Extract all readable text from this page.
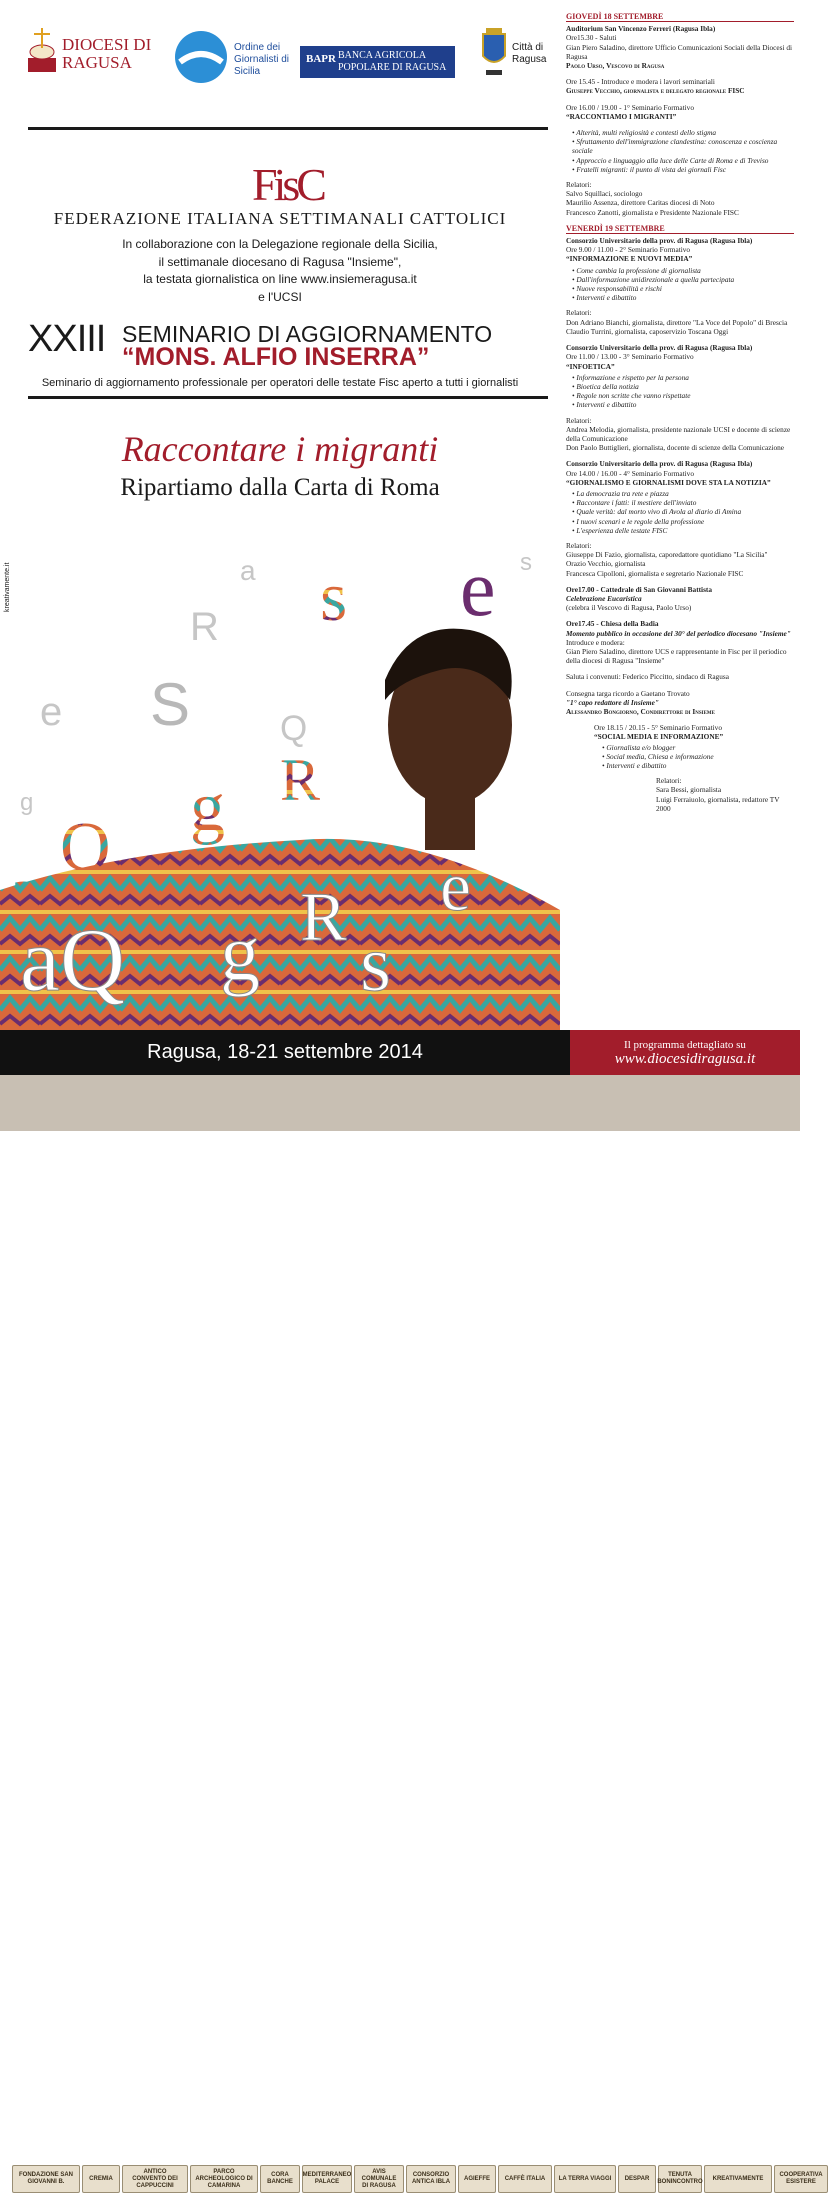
DIOCESI DI RAGUSA
Ordine dei Giornalisti di Sicilia
BAPR BANCA AGRICOLA POPOLARE DI RAGUSA
Città di Ragusa
FisC
FEDERAZIONE ITALIANA SETTIMANALI CATTOLICI
In collaborazione con la Delegazione regionale della Sicilia,
il settimanale diocesano di Ragusa "Insieme",
la testata giornalistica on line www.insiemeragusa.it
e l'UCSI
XXIII SEMINARIO DI AGGIORNAMENTO
“MONS. ALFIO INSERRA”
Seminario di aggiornamento professionale per operatori delle testate Fisc aperto a tutti i giornalisti
Raccontare i migranti
Ripartiamo dalla Carta di Roma
kreativamente.it	s e
S
e
g R
Q
a
aQ g R
s
e
a
R
Q
g
s
GIOVEDÌ 18 SETTEMBRE

Auditorium San Vincenzo Ferreri (Ragusa Ibla)
Ore15.30 - Saluti
Gian Piero Saladino, direttore Ufficio Comunicazioni Sociali della Diocesi di Ragusa
Paolo Urso, Vescovo di Ragusa

Ore 15.45 - Introduce e modera i lavori seminariali
Giuseppe Vecchio, giornalista e delegato regionale FISC

Ore 16.00 / 19.00 - 1° Seminario Formativo
“RACCONTIAMO I MIGRANTI”

• Alterità, multi religiosità e contesti dello stigma
• Sfruttamento dell'immigrazione clandestina: conoscenza e coscienza sociale
• Approccio e linguaggio alla luce delle Carte di Roma e di Treviso
• Fratelli migranti: il punto di vista dei giornali Fisc

Relatori:
Salvo Squillaci, sociologo
Maurilio Assenza, direttore Caritas diocesi di Noto
Francesco Zanotti, giornalista e Presidente Nazionale FISC

VENERDÌ 19 SETTEMBRE

Consorzio Universitario della prov. di Ragusa (Ragusa Ibla)
Ore 9.00 / 11.00 - 2° Seminario Formativo
“INFORMAZIONE E NUOVI MEDIA”

• Come cambia la professione di giornalista
• Dall'informazione unidirezionale a quella partecipata
• Nuove responsabilità e rischi
• Interventi e dibattito

Relatori:
Don Adriano Bianchi, giornalista, direttore "La Voce del Popolo" di Brescia
Claudio Turrini, giornalista, caposervizio Toscana Oggi

Consorzio Universitario della prov. di Ragusa (Ragusa Ibla)
Ore 11.00 / 13.00 - 3° Seminario Formativo
“INFOETICA”

• Informazione e rispetto per la persona
• Bioetica della notizia
• Regole non scritte che vanno rispettate
• Interventi e dibattito

Relatori:
Andrea Melodia, giornalista, presidente nazionale UCSI e docente di scienze della Comunicazione
Don Paolo Buttiglieri, giornalista, docente di scienze della Comunicazione

Consorzio Universitario della prov. di Ragusa (Ragusa Ibla)
Ore 14.00 / 16.00 - 4° Seminario Formativo
“GIORNALISMO E GIORNALISMI DOVE STA LA NOTIZIA”

• La democrazia tra rete e piazza
• Raccontare i fatti: il mestiere dell'inviato
• Quale verità: dal morto vivo di Avola al diario di Amina
• I nuovi scenari e le regole della professione
• L'esperienza delle testate FISC

Relatori:
Giuseppe Di Fazio, giornalista, caporedattore quotidiano "La Sicilia"
Orazio Vecchio, giornalista
Francesca Cipolloni, giornalista e segretario Nazionale FISC

Ore17.00 - Cattedrale di San Giovanni Battista
Celebrazione Eucaristica
(celebra il Vescovo di Ragusa, Paolo Urso)

Ore17.45 - Chiesa della Badia
Momento pubblico in occasione del 30° del periodico diocesano "Insieme"
Introduce e modera:
Gian Piero Saladino, direttore UCS e rappresentante in Fisc per il periodico della diocesi di Ragusa "Insieme"

Saluta i convenuti: Federico Piccitto, sindaco di Ragusa

Consegna targa ricordo a Gaetano Trovato
"1° capo redattore di Insieme"
Alessandro Bongiorno, Condirettore di Insieme

Ore 18.15 / 20.15 - 5° Seminario Formativo
“SOCIAL MEDIA E INFORMAZIONE”

• Giornalista e/o blogger
• Social media, Chiesa e informazione
• Interventi e dibattito

Relatori:
Sara Bessi, giornalista
Luigi Ferraiuolo, giornalista, redattore TV 2000

Ragusa, 18-21 settembre 2014	Il programma dettagliato su
www.diocesidiragusa.it
FONDAZIONE SAN GIOVANNI B.
CREMIA
ANTICO CONVENTO DEI CAPPUCCINI
PARCO ARCHEOLOGICO DI CAMARINA
CORA BANCHE
MEDITERRANEO PALACE
AVIS COMUNALE DI RAGUSA
CONSORZIO ANTICA IBLA
AGIEFFE	CAFFÈ ITALIA	LA TERRA VIAGGI	DESPAR
TENUTA BONINCONTRO
KREATIVAMENTE
COOPERATIVA ESISTERE
